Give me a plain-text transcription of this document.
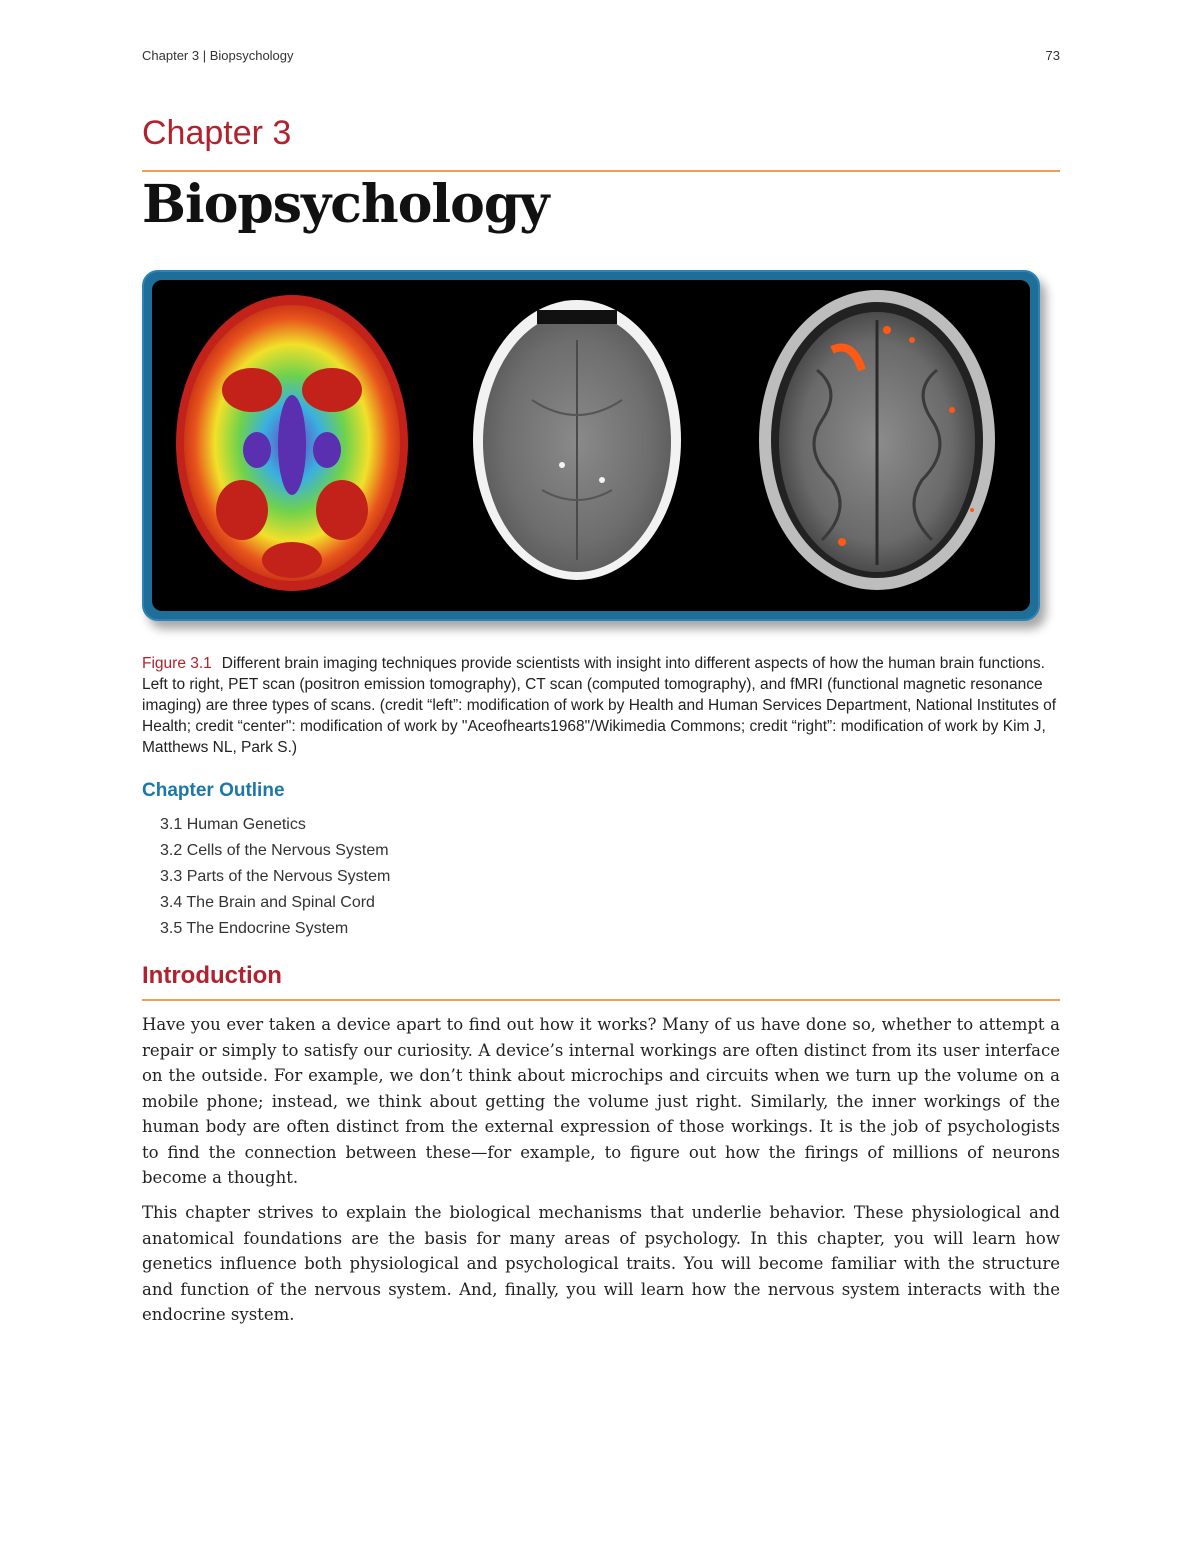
Chapter 3 | Biopsychology	73
Chapter 3
Biopsychology
Figure 3.1 Different brain imaging techniques provide scientists with insight into different aspects of how the human brain functions. Left to right, PET scan (positron emission tomography), CT scan (computed tomography), and fMRI (functional magnetic resonance imaging) are three types of scans. (credit “left”: modification of work by Health and Human Services Department, National Institutes of Health; credit “center": modification of work by "Aceofhearts1968"/Wikimedia Commons; credit “right”: modification of work by Kim J, Matthews NL, Park S.)
Chapter Outline
3.1 Human Genetics
3.2 Cells of the Nervous System
3.3 Parts of the Nervous System
3.4 The Brain and Spinal Cord
3.5 The Endocrine System
Introduction

Have you ever taken a device apart to find out how it works? Many of us have done so, whether to attempt a repair or simply to satisfy our curiosity. A device’s internal workings are often distinct from its user interface on the outside. For example, we don’t think about microchips and circuits when we turn up the volume on a mobile phone; instead, we think about getting the volume just right. Similarly, the inner workings of the human body are often distinct from the external expression of those workings. It is the job of psychologists to find the connection between these—for example, to figure out how the firings of millions of neurons become a thought.

This chapter strives to explain the biological mechanisms that underlie behavior. These physiological and anatomical foundations are the basis for many areas of psychology. In this chapter, you will learn how genetics influence both physiological and psychological traits. You will become familiar with the structure and function of the nervous system. And, finally, you will learn how the nervous system interacts with the endocrine system.
